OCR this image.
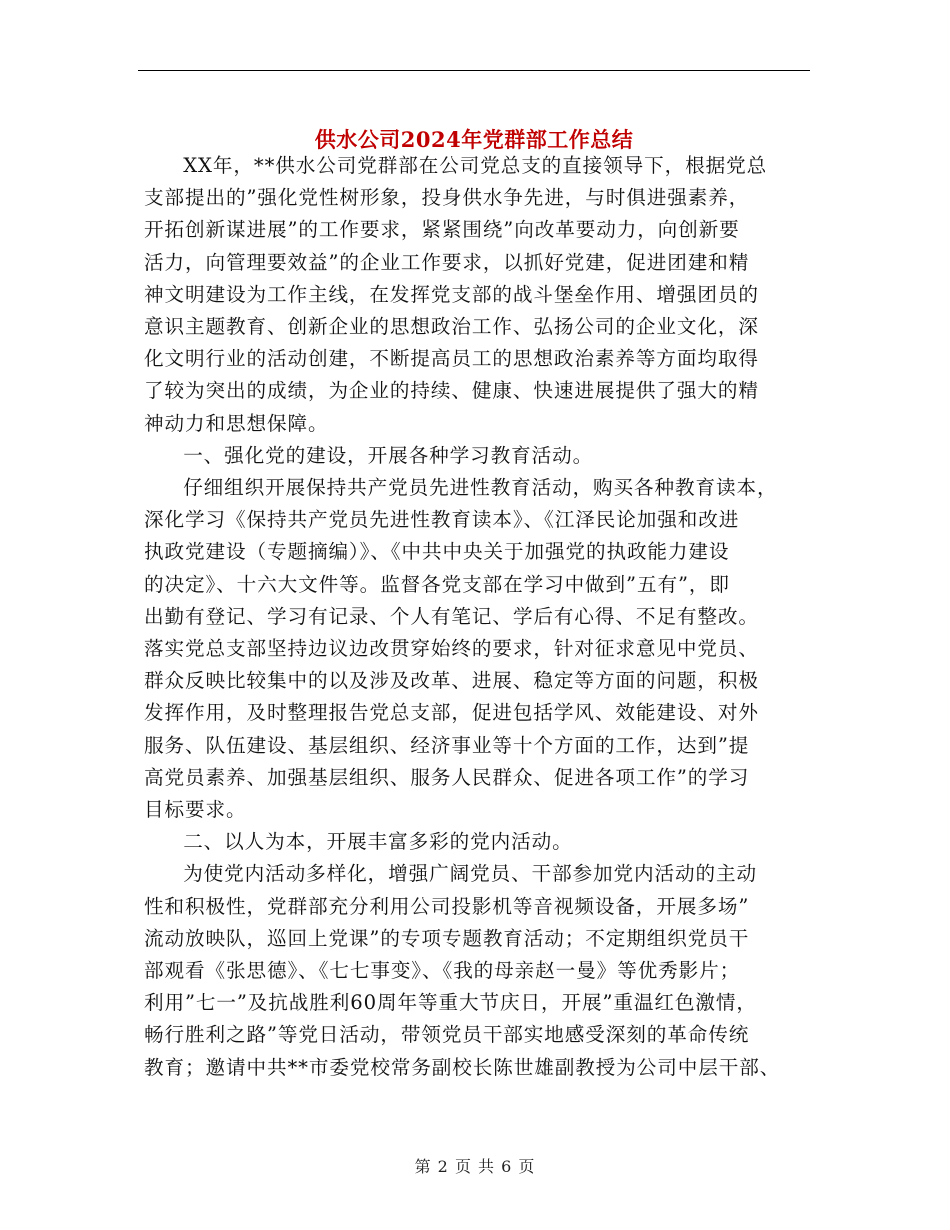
供水公司2024年党群部工作总结
XX年，**供水公司党群部在公司党总支的直接领导下，根据党总
支部提出的”强化党性树形象，投身供水争先进，与时俱进强素养，
开拓创新谋进展”的工作要求，紧紧围绕”向改革要动力，向创新要
活力，向管理要效益”的企业工作要求，以抓好党建，促进团建和精
神文明建设为工作主线，在发挥党支部的战斗堡垒作用、增强团员的
意识主题教育、创新企业的思想政治工作、弘扬公司的企业文化，深
化文明行业的活动创建，不断提高员工的思想政治素养等方面均取得
了较为突出的成绩，为企业的持续、健康、快速进展提供了强大的精
神动力和思想保障。
一、强化党的建设，开展各种学习教育活动。
仔细组织开展保持共产党员先进性教育活动，购买各种教育读本，
深化学习《保持共产党员先进性教育读本》、《江泽民论加强和改进
执政党建设（专题摘编）》、《中共中央关于加强党的执政能力建设
的决定》、十六大文件等。监督各党支部在学习中做到”五有”，即
出勤有登记、学习有记录、个人有笔记、学后有心得、不足有整改。
落实党总支部坚持边议边改贯穿始终的要求，针对征求意见中党员、
群众反映比较集中的以及涉及改革、进展、稳定等方面的问题，积极
发挥作用，及时整理报告党总支部，促进包括学风、效能建设、对外
服务、队伍建设、基层组织、经济事业等十个方面的工作，达到”提
高党员素养、加强基层组织、服务人民群众、促进各项工作”的学习
目标要求。
二、以人为本，开展丰富多彩的党内活动。
为使党内活动多样化，增强广阔党员、干部参加党内活动的主动
性和积极性，党群部充分利用公司投影机等音视频设备，开展多场”
流动放映队，巡回上党课”的专项专题教育活动；不定期组织党员干
部观看《张思德》、《七七事变》、《我的母亲赵一曼》等优秀影片；
利用”七一”及抗战胜利60周年等重大节庆日，开展”重温红色激情，
畅行胜利之路”等党日活动，带领党员干部实地感受深刻的革命传统
教育；邀请中共**市委党校常务副校长陈世雄副教授为公司中层干部、
第 2 页 共 6 页
